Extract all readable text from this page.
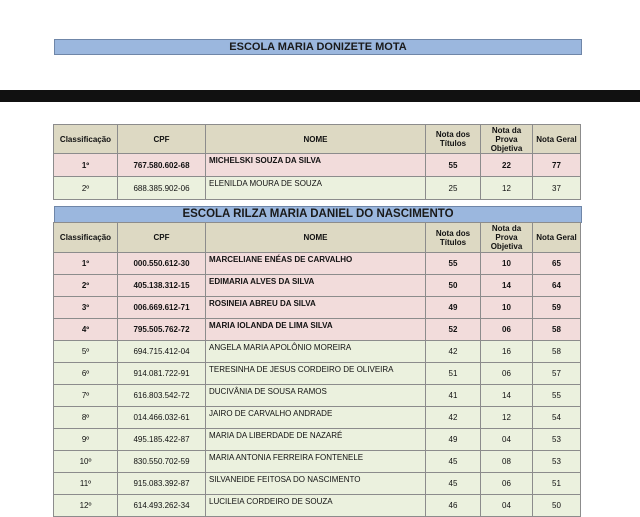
ESCOLA MARIA DONIZETE MOTA
Classificação	CPF	NOME	Nota dos Títulos	Nota da Prova Objetiva	Nota Geral
1º	767.580.602-68	MICHELSKI SOUZA DA SILVA	55	22	77
2º	688.385.902-06	ELENILDA MOURA DE SOUZA	25	12	37
ESCOLA RILZA MARIA DANIEL DO NASCIMENTO
Classificação	CPF	NOME	Nota dos Títulos	Nota da Prova Objetiva	Nota Geral
1º	000.550.612-30	MARCELIANE ENÉAS DE CARVALHO	55	10	65
2º	405.138.312-15	EDIMARIA ALVES DA SILVA	50	14	64
3º	006.669.612-71	ROSINEIA ABREU DA SILVA	49	10	59
4º	795.505.762-72	MARIA IOLANDA DE LIMA SILVA	52	06	58
5º	694.715.412-04	ANGELA MARIA APOLÔNIO MOREIRA	42	16	58
6º	914.081.722-91	TERESINHA DE JESUS CORDEIRO DE OLIVEIRA	51	06	57
7º	616.803.542-72	DUCIVÂNIA DE SOUSA RAMOS	41	14	55
8º	014.466.032-61	JAIRO DE CARVALHO ANDRADE	42	12	54
9º	495.185.422-87	MARIA DA LIBERDADE DE NAZARÉ	49	04	53
10º	830.550.702-59	MARIA ANTONIA FERREIRA FONTENELE	45	08	53
11º	915.083.392-87	SILVANEIDE FEITOSA DO NASCIMENTO	45	06	51
12º	614.493.262-34	LUCILEIA CORDEIRO DE SOUZA	46	04	50
